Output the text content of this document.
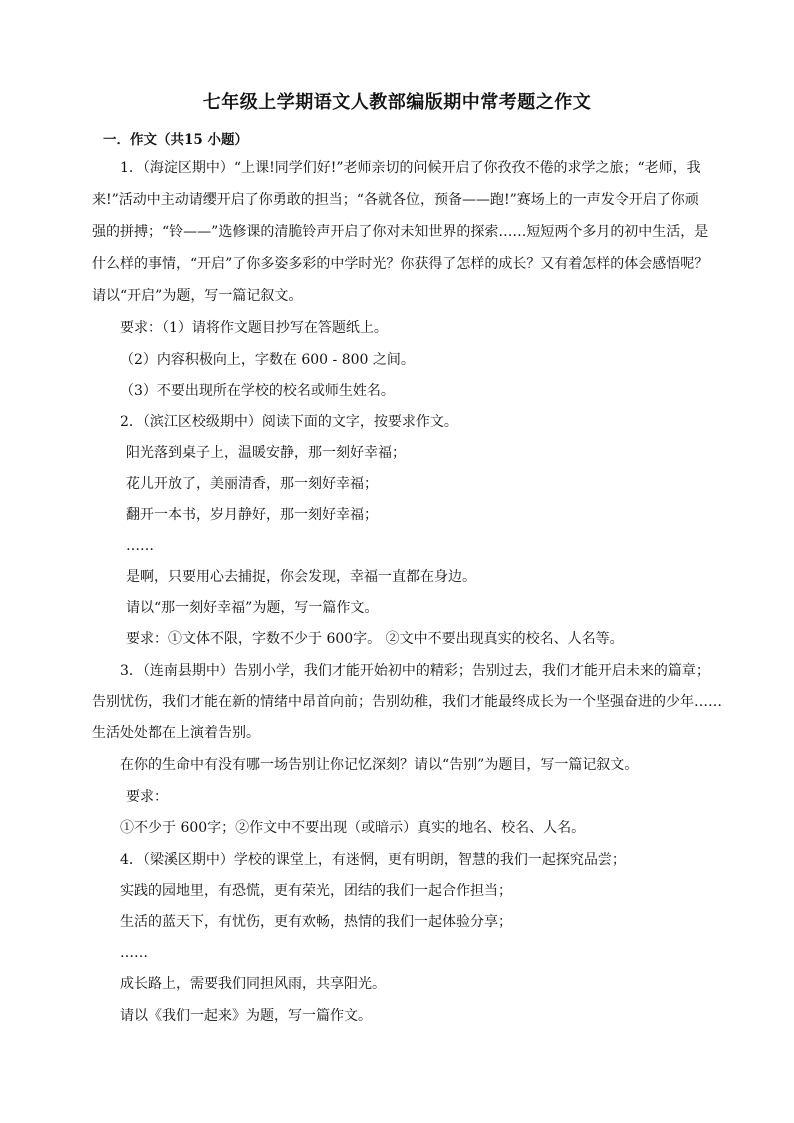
七年级上学期语文人教部编版期中常考题之作文
一．作文（共15 小题）
1．（海淀区期中）“上课!同学们好!”老师亲切的问候开启了你孜孜不倦的求学之旅；“老师，我
来!”活动中主动请缨开启了你勇敢的担当；“各就各位，预备——跑!”赛场上的一声发令开启了你顽
强的拼搏；“铃——”选修课的清脆铃声开启了你对未知世界的探索……短短两个多月的初中生活，是
什么样的事情，“开启”了你多姿多彩的中学时光？你获得了怎样的成长？又有着怎样的体会感悟呢？
请以“开启”为题，写一篇记叙文。
要求：（1）请将作文题目抄写在答题纸上。
（2）内容积极向上，字数在 600 - 800 之间。
（3）不要出现所在学校的校名或师生姓名。
2．（滨江区校级期中）阅读下面的文字，按要求作文。
阳光落到桌子上，温暖安静，那一刻好幸福；
花儿开放了，美丽清香，那一刻好幸福；
翻开一本书，岁月静好，那一刻好幸福；
……
是啊，只要用心去捕捉，你会发现，幸福一直都在身边。
请以“那一刻好幸福”为题，写一篇作文。
要求：①文体不限，字数不少于 600字。 ②文中不要出现真实的校名、人名等。
3．（连南县期中）告别小学，我们才能开始初中的精彩；告别过去，我们才能开启未来的篇章；
告别忧伤，我们才能在新的情绪中昂首向前；告别幼稚，我们才能最终成长为一个坚强奋进的少年……
生活处处都在上演着告别。
在你的生命中有没有哪一场告别让你记忆深刻？请以“告别”为题目，写一篇记叙文。
要求：
①不少于 600字；②作文中不要出现（或暗示）真实的地名、校名、人名。
4．（梁溪区期中）学校的课堂上，有迷惘，更有明朗，智慧的我们一起探究品尝；
实践的园地里，有恐慌，更有荣光，团结的我们一起合作担当；
生活的蓝天下，有忧伤，更有欢畅，热情的我们一起体验分享；
……
成长路上，需要我们同担风雨，共享阳光。
请以《我们一起来》为题，写一篇作文。
